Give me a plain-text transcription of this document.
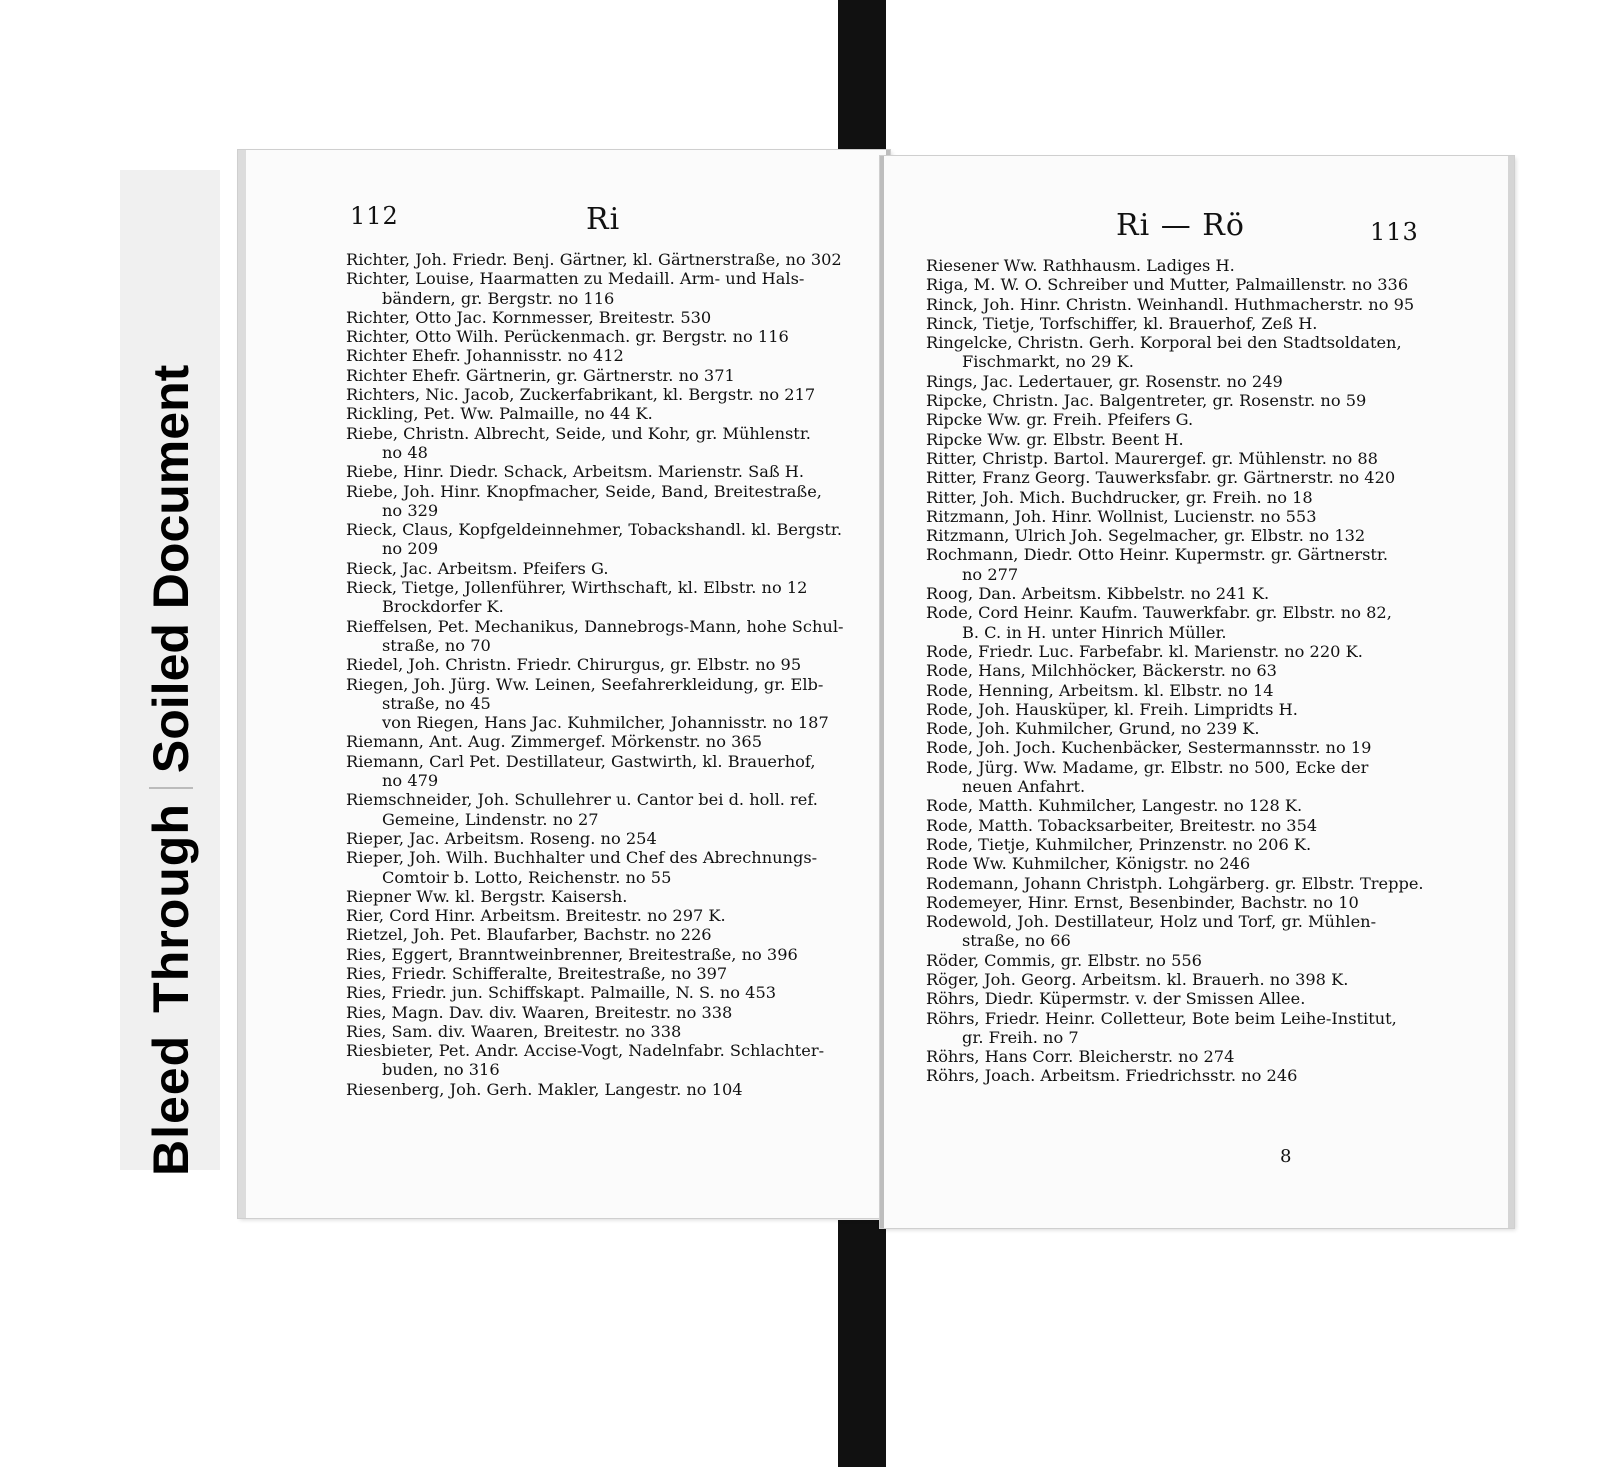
Bleed
Through
Soiled Document
112	Ri
Richter, Joh. Friedr. Benj. Gärtner, kl. Gärtnerstraße, no 302
Richter, Louise, Haarmatten zu Medaill. Arm- und Hals-
bändern, gr. Bergstr. no 116
Richter, Otto Jac. Kornmesser, Breitestr. 530
Richter, Otto Wilh. Perückenmach. gr. Bergstr. no 116
Richter Ehefr. Johannisstr. no 412
Richter Ehefr. Gärtnerin, gr. Gärtnerstr. no 371
Richters, Nic. Jacob, Zuckerfabrikant, kl. Bergstr. no 217
Rickling, Pet. Ww. Palmaille, no 44 K.
Riebe, Christn. Albrecht, Seide, und Kohr, gr. Mühlenstr.
no 48
Riebe, Hinr. Diedr. Schack, Arbeitsm. Marienstr. Saß H.
Riebe, Joh. Hinr. Knopfmacher, Seide, Band, Breitestraße,
no 329
Rieck, Claus, Kopfgeldeinnehmer, Tobackshandl. kl. Bergstr.
no 209
Rieck, Jac. Arbeitsm. Pfeifers G.
Rieck, Tietge, Jollenführer, Wirthschaft, kl. Elbstr. no 12
Brockdorfer K.
Rieffelsen, Pet. Mechanikus, Dannebrogs-Mann, hohe Schul-
straße, no 70
Riedel, Joh. Christn. Friedr. Chirurgus, gr. Elbstr. no 95
Riegen, Joh. Jürg. Ww. Leinen, Seefahrerkleidung, gr. Elb-
straße, no 45
von Riegen, Hans Jac. Kuhmilcher, Johannisstr. no 187
Riemann, Ant. Aug. Zimmergef. Mörkenstr. no 365
Riemann, Carl Pet. Destillateur, Gastwirth, kl. Brauerhof,
no 479
Riemschneider, Joh. Schullehrer u. Cantor bei d. holl. ref.
Gemeine, Lindenstr. no 27
Rieper, Jac. Arbeitsm. Roseng. no 254
Rieper, Joh. Wilh. Buchhalter und Chef des Abrechnungs-
Comtoir b. Lotto, Reichenstr. no 55
Riepner Ww. kl. Bergstr. Kaisersh.
Rier, Cord Hinr. Arbeitsm. Breitestr. no 297 K.
Rietzel, Joh. Pet. Blaufarber, Bachstr. no 226
Ries, Eggert, Branntweinbrenner, Breitestraße, no 396
Ries, Friedr. Schifferalte, Breitestraße, no 397
Ries, Friedr. jun. Schiffskapt. Palmaille, N. S. no 453
Ries, Magn. Dav. div. Waaren, Breitestr. no 338
Ries, Sam. div. Waaren, Breitestr. no 338
Riesbieter, Pet. Andr. Accise-Vogt, Nadelnfabr. Schlachter-
buden, no 316
Riesenberg, Joh. Gerh. Makler, Langestr. no 104
Ri — Rö	113
Riesener Ww. Rathhausm. Ladiges H.
Riga, M. W. O. Schreiber und Mutter, Palmaillenstr. no 336
Rinck, Joh. Hinr. Christn. Weinhandl. Huthmacherstr. no 95
Rinck, Tietje, Torfschiffer, kl. Brauerhof, Zeß H.
Ringelcke, Christn. Gerh. Korporal bei den Stadtsoldaten,
Fischmarkt, no 29 K.
Rings, Jac. Ledertauer, gr. Rosenstr. no 249
Ripcke, Christn. Jac. Balgentreter, gr. Rosenstr. no 59
Ripcke Ww. gr. Freih. Pfeifers G.
Ripcke Ww. gr. Elbstr. Beent H.
Ritter, Christp. Bartol. Maurergef. gr. Mühlenstr. no 88
Ritter, Franz Georg. Tauwerksfabr. gr. Gärtnerstr. no 420
Ritter, Joh. Mich. Buchdrucker, gr. Freih. no 18
Ritzmann, Joh. Hinr. Wollnist, Lucienstr. no 553
Ritzmann, Ulrich Joh. Segelmacher, gr. Elbstr. no 132
Rochmann, Diedr. Otto Heinr. Kupermstr. gr. Gärtnerstr.
no 277
Roog, Dan. Arbeitsm. Kibbelstr. no 241 K.
Rode, Cord Heinr. Kaufm. Tauwerkfabr. gr. Elbstr. no 82,
B. C. in H. unter Hinrich Müller.
Rode, Friedr. Luc. Farbefabr. kl. Marienstr. no 220 K.
Rode, Hans, Milchhöcker, Bäckerstr. no 63
Rode, Henning, Arbeitsm. kl. Elbstr. no 14
Rode, Joh. Hausküper, kl. Freih. Limpridts H.
Rode, Joh. Kuhmilcher, Grund, no 239 K.
Rode, Joh. Joch. Kuchenbäcker, Sestermannsstr. no 19
Rode, Jürg. Ww. Madame, gr. Elbstr. no 500, Ecke der
neuen Anfahrt.
Rode, Matth. Kuhmilcher, Langestr. no 128 K.
Rode, Matth. Tobacksarbeiter, Breitestr. no 354
Rode, Tietje, Kuhmilcher, Prinzenstr. no 206 K.
Rode Ww. Kuhmilcher, Königstr. no 246
Rodemann, Johann Christph. Lohgärberg. gr. Elbstr. Treppe.
Rodemeyer, Hinr. Ernst, Besenbinder, Bachstr. no 10
Rodewold, Joh. Destillateur, Holz und Torf, gr. Mühlen-
straße, no 66
Röder, Commis, gr. Elbstr. no 556
Röger, Joh. Georg. Arbeitsm. kl. Brauerh. no 398 K.
Röhrs, Diedr. Küpermstr. v. der Smissen Allee.
Röhrs, Friedr. Heinr. Colletteur, Bote beim Leihe-Institut,
gr. Freih. no 7
Röhrs, Hans Corr. Bleicherstr. no 274
Röhrs, Joach. Arbeitsm. Friedrichsstr. no 246
8
